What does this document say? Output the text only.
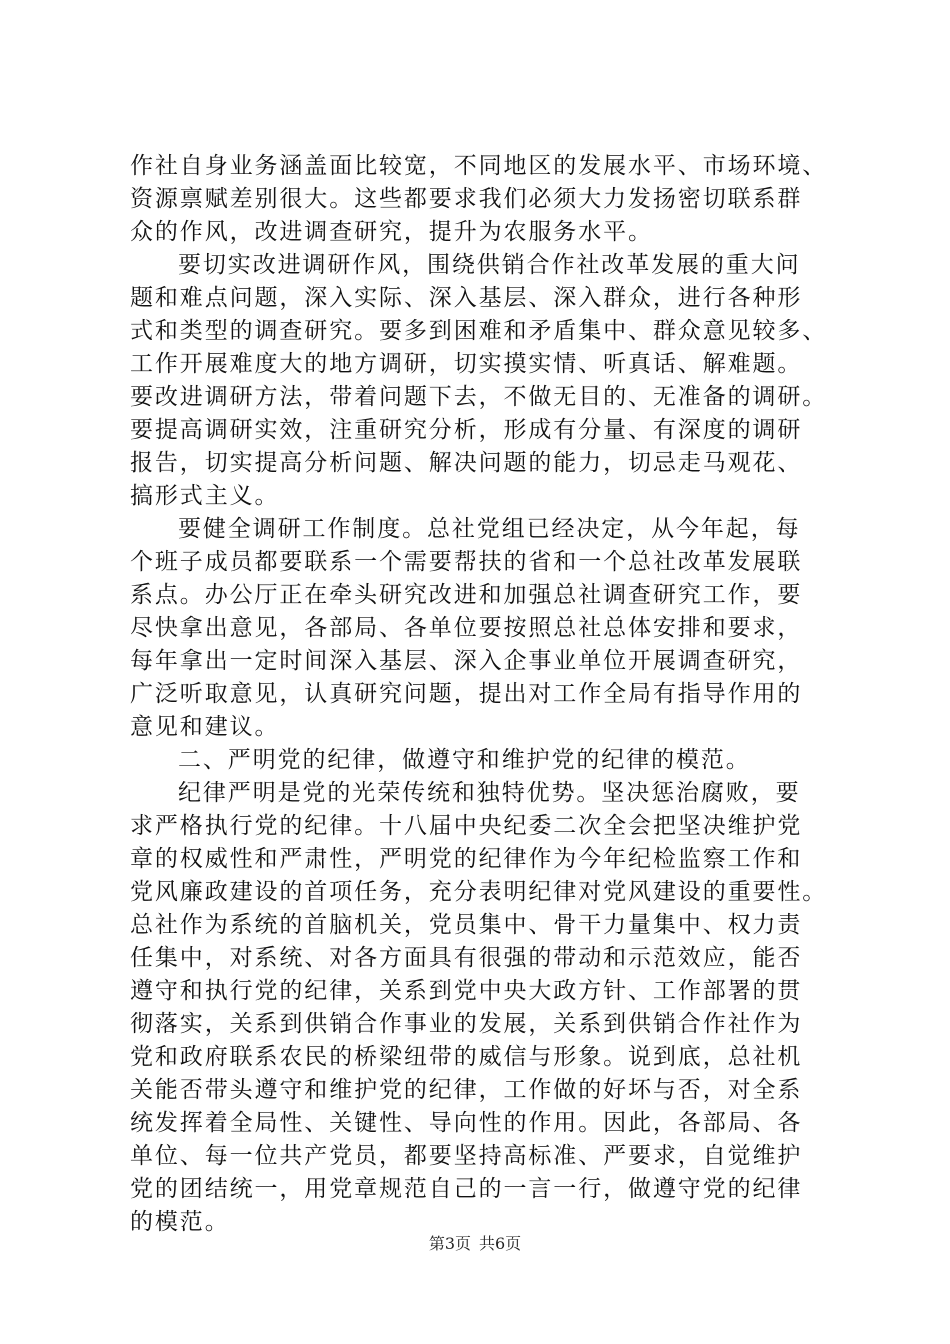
作社自身业务涵盖面比较宽，不同地区的发展水平、市场环境、
资源禀赋差别很大。这些都要求我们必须大力发扬密切联系群
众的作风，改进调查研究，提升为农服务水平。
要切实改进调研作风，围绕供销合作社改革发展的重大问
题和难点问题，深入实际、深入基层、深入群众，进行各种形
式和类型的调查研究。要多到困难和矛盾集中、群众意见较多、
工作开展难度大的地方调研，切实摸实情、听真话、解难题。
要改进调研方法，带着问题下去，不做无目的、无准备的调研。
要提高调研实效，注重研究分析，形成有分量、有深度的调研
报告，切实提高分析问题、解决问题的能力，切忌走马观花、
搞形式主义。
要健全调研工作制度。总社党组已经决定，从今年起，每
个班子成员都要联系一个需要帮扶的省和一个总社改革发展联
系点。办公厅正在牵头研究改进和加强总社调查研究工作，要
尽快拿出意见，各部局、各单位要按照总社总体安排和要求，
每年拿出一定时间深入基层、深入企事业单位开展调查研究，
广泛听取意见，认真研究问题，提出对工作全局有指导作用的
意见和建议。
二、严明党的纪律，做遵守和维护党的纪律的模范。
纪律严明是党的光荣传统和独特优势。坚决惩治腐败，要
求严格执行党的纪律。十八届中央纪委二次全会把坚决维护党
章的权威性和严肃性，严明党的纪律作为今年纪检监察工作和
党风廉政建设的首项任务，充分表明纪律对党风建设的重要性。
总社作为系统的首脑机关，党员集中、骨干力量集中、权力责
任集中，对系统、对各方面具有很强的带动和示范效应，能否
遵守和执行党的纪律，关系到党中央大政方针、工作部署的贯
彻落实，关系到供销合作事业的发展，关系到供销合作社作为
党和政府联系农民的桥梁纽带的威信与形象。说到底，总社机
关能否带头遵守和维护党的纪律，工作做的好坏与否，对全系
统发挥着全局性、关键性、导向性的作用。因此，各部局、各
单位、每一位共产党员，都要坚持高标准、严要求，自觉维护
党的团结统一，用党章规范自己的一言一行，做遵守党的纪律
的模范。
第3页 共6页
